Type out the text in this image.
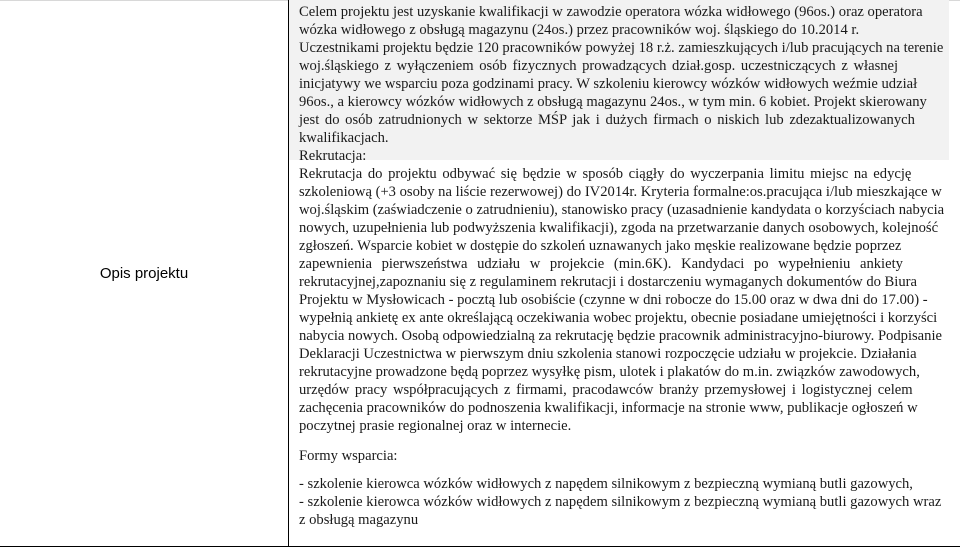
Opis projektu
Celem projektu jest uzyskanie kwalifikacji w zawodzie operatora wózka widłowego (96os.) oraz operatora
wózka widłowego z obsługą magazynu (24os.) przez pracowników woj. śląskiego do 10.2014 r.
Uczestnikami projektu będzie 120 pracowników powyżej 18 r.ż. zamieszkujących i/lub pracujących na terenie
woj.śląskiego z wyłączeniem osób fizycznych prowadzących dział.gosp. uczestniczących z własnej
inicjatywy we wsparciu poza godzinami pracy. W szkoleniu kierowcy wózków widłowych weźmie udział
96os., a kierowcy wózków widłowych z obsługą magazynu 24os., w tym min. 6 kobiet. Projekt skierowany
jest do osób zatrudnionych w sektorze MŚP jak i dużych firmach o niskich lub zdezaktualizowanych
kwalifikacjach.
Rekrutacja:
Rekrutacja do projektu odbywać się będzie w sposób ciągły do wyczerpania limitu miejsc na edycję
szkoleniową (+3 osoby na liście rezerwowej) do IV2014r. Kryteria formalne:os.pracująca i/lub mieszkające w
woj.śląskim (zaświadczenie o zatrudnieniu), stanowisko pracy (uzasadnienie kandydata o korzyściach nabycia
nowych, uzupełnienia lub podwyższenia kwalifikacji), zgoda na przetwarzanie danych osobowych, kolejność
zgłoszeń. Wsparcie kobiet w dostępie do szkoleń uznawanych jako męskie realizowane będzie poprzez
zapewnienia pierwszeństwa udziału w projekcie (min.6K). Kandydaci po wypełnieniu ankiety
rekrutacyjnej,zapoznaniu się z regulaminem rekrutacji i dostarczeniu wymaganych dokumentów do Biura
Projektu w Mysłowicach - pocztą lub osobiście (czynne w dni robocze do 15.00 oraz w dwa dni do 17.00) -
wypełnią ankietę ex ante określającą oczekiwania wobec projektu, obecnie posiadane umiejętności i korzyści
nabycia nowych. Osobą odpowiedzialną za rekrutację będzie pracownik administracyjno-biurowy. Podpisanie
Deklaracji Uczestnictwa w pierwszym dniu szkolenia stanowi rozpoczęcie udziału w projekcie. Działania
rekrutacyjne prowadzone będą poprzez wysyłkę pism, ulotek i plakatów do m.in. związków zawodowych,
urzędów pracy współpracujących z firmami, pracodawców branży przemysłowej i logistycznej celem
zachęcenia pracowników do podnoszenia kwalifikacji, informacje na stronie www, publikacje ogłoszeń w
poczytnej prasie regionalnej oraz w internecie.
Formy wsparcia:
- szkolenie kierowca wózków widłowych z napędem silnikowym z bezpieczną wymianą butli gazowych,
- szkolenie kierowca wózków widłowych z napędem silnikowym z bezpieczną wymianą butli gazowych wraz
z obsługą magazynu
